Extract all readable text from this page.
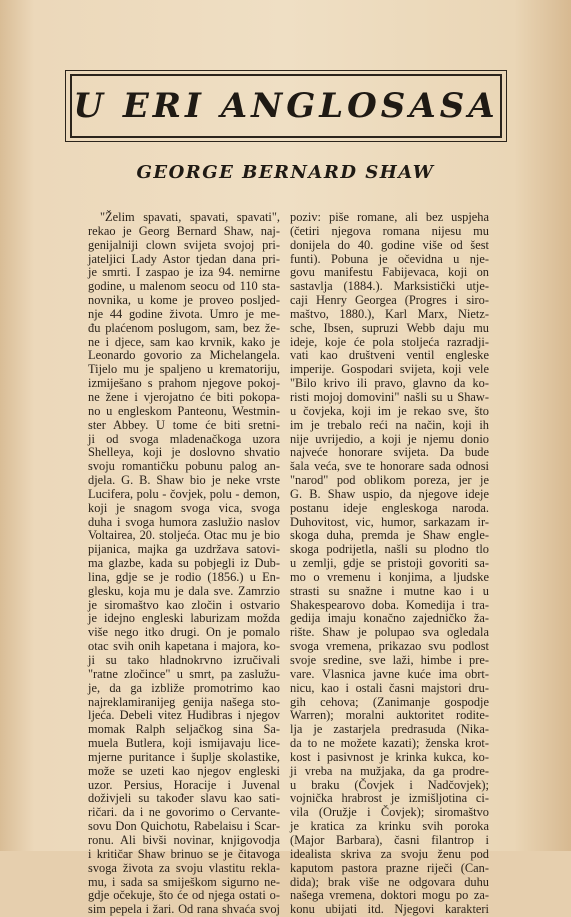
U ERI ANGLOSASA
GEORGE BERNARD SHAW
"Želim spavati, spavati, spavati",
rekao je Georg Bernard Shaw, naj-
genijalniji clown svijeta svojoj pri-
jateljici Lady Astor tjedan dana pri-
je smrti. I zaspao je iza 94. nemirne
godine, u malenom seocu od 110 sta-
novnika, u kome je proveo poslјed-
nje 44 godine života. Umro je me-
đu plaćenom poslugom, sam, bez že-
ne i djece, sam kao krvnik, kako je
Leonardo govorio za Michelangela.
Tijelo mu je spaljeno u krematoriju,
izmiješano s prahom njegove pokoj-
ne žene i vjerojatno će biti pokopa-
no u engleskom Panteonu, Westmin-
ster Abbey. U tome će biti sretni-
ji od svoga mladenačkoga uzora
Shelleya, koji je doslovno shvatio
svoju romantičku pobunu palog an-
djela. G. B. Shaw bio je neke vrste
Lucifera, polu - čovjek, polu - demon,
koji je snagom svoga vica, svoga
duha i svoga humora zaslužio naslov
Voltairea, 20. stoljeća. Otac mu je bio
pijanica, majka ga uzdržava satovi-
ma glazbe, kada su pobjegli iz Dub-
lina, gdje se je rodio (1856.) u En-
glesku, koja mu je dala sve. Zamrzio
je siromaštvo kao zločin i ostvario
je idejno engleski laburizam možda
više nego itko drugi. On je pomalo
otac svih onih kapetana i majora, ko-
ji su tako hladnokrvno izručivali
"ratne zločince" u smrt, pa zaslužu-
je, da ga izbliže promotrimo kao
najreklamiranijeg genija našega sto-
ljeća. Debeli vitez Hudibras i njegov
momak Ralph seljačkog sina Sa-
muela Butlera, koji ismijavaju licе-
mjerne puritance i šuplje skolastike,
može se uzeti kao njegov engleski
uzor. Persius, Horacije i Juvenal
doživjeli su također slavu kao sati-
ričari. da i ne govorimo o Cervante-
sovu Don Quichotu, Rabelaisu i Scar-
ronu. Ali bivši novinar, knjigovodja
i kritičar Shaw brinuo se je čitavoga
svoga života za svoju vlastitu rekla-
mu, i sada sa smiješkom sigurno ne-
gdje očekuje, što će od njega ostati o-
sim pepela i žari. Od rana shvaća svoj
poziv: piše romane, ali bez uspjeha
(četiri njegova romana nijesu mu
donijela do 40. godine više od šest
funti). Pobuna je očevidna u nje-
govu manifestu Fabijevaca, koji on
sastavlja (1884.). Marksistički utje-
caji Henry Georgea (Progres i siro-
maštvo, 1880.), Karl Marx, Nietz-
sche, Ibsen, supruzi Webb daju mu
ideje, koje će pola stoljeća razradji-
vati kao društveni ventil engleske
imperije. Gospodari svijeta, koji vele
"Bilo krivo ili pravo, glavno da ko-
risti mojoj domovini" našli su u Shaw-
u čovjeka, koji im je rekao sve, što
im je trebalo reći na način, koji ih
nije uvrijedio, a koji je njemu donio
najveće honorare svijeta. Da bude
šala veća, sve te honorare sada odnosi
"narod" pod oblikom poreza, jer je
G. B. Shaw uspio, da njegove ideje
postanu ideje engleskoga naroda.
Duhovitost, vic, humor, sarkazam ir-
skoga duha, premda je Shaw engle-
skoga podrijetla, našli su plodno tlo
u zemlji, gdje se pristoji govoriti sa-
mo o vremenu i konjima, a ljudske
strasti su snažne i mutne kao i u
Shakespearovo doba. Komedija i tra-
gedija imaju konačno zajedničko ža-
rište. Shaw je polupao sva ogledala
svoga vremena, prikazao svu podlost
svoje sredine, sve laži, himbe i pre-
vare. Vlasnica javne kuće ima obrt-
nicu, kao i ostali časni majstori dru-
gih cehova; (Zanimanje gospodje
Warren); moralni auktoritet rodite-
lja je zastarjela predrasuda (Nika-
da to ne možete kazati); ženska krot-
kost i pasivnost je krinka kukca, ko-
ji vreba na mužjaka, da ga prodre-
u braku (Čovjek i Nadčovjek);
vojnička hrabrost je izmišljotina ci-
vila (Oružje i Čovjek); siromaštvo
je kratica za krinku svih poroka
(Major Barbara), časni filantrop i
idealista skriva za svoju ženu pod
kaputom pastora prazne riječi (Can-
dida); brak više ne odgovara duhu
našega vremena, doktori mogu po za-
konu ubijati itd. Njegovi karakteri
